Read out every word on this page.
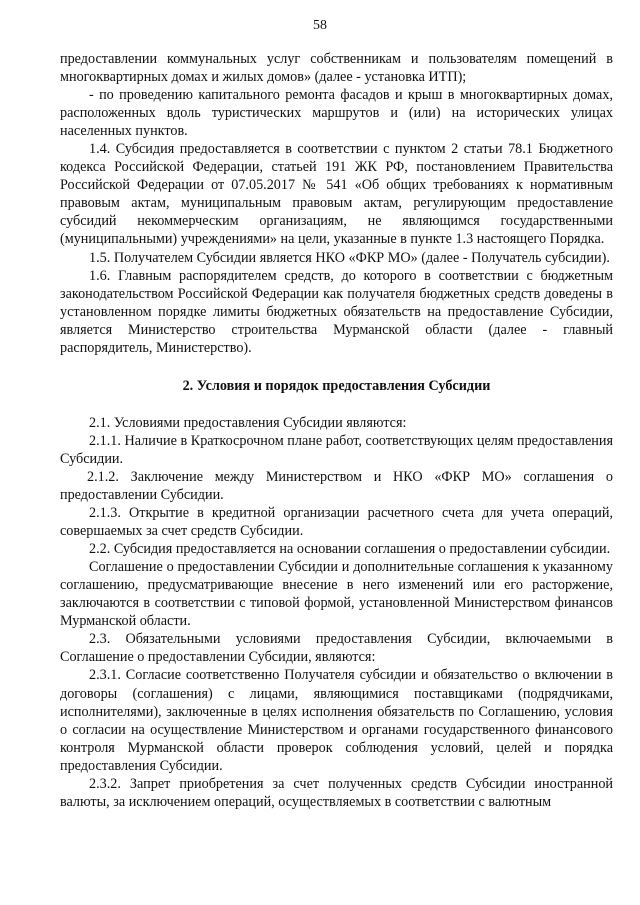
58

предоставлении коммунальных услуг собственникам и пользователям помещений в многоквартирных домах и жилых домов» (далее - установка ИТП);

- по проведению капитального ремонта фасадов и крыш в многоквартирных домах, расположенных вдоль туристических маршрутов и (или) на исторических улицах населенных пунктов.

1.4. Субсидия предоставляется в соответствии с пунктом 2 статьи 78.1 Бюджетного кодекса Российской Федерации, статьей 191 ЖК РФ, постановлением Правительства Российской Федерации от 07.05.2017 № 541 «Об общих требованиях к нормативным правовым актам, муниципальным правовым актам, регулирующим предоставление субсидий некоммерческим организациям, не являющимся государственными (муниципальными) учреждениями» на цели, указанные в пункте 1.3 настоящего Порядка.

1.5. Получателем Субсидии является НКО «ФКР МО» (далее - Получатель субсидии).

1.6. Главным распорядителем средств, до которого в соответствии с бюджетным законодательством Российской Федерации как получателя бюджетных средств доведены в установленном порядке лимиты бюджетных обязательств на предоставление Субсидии, является Министерство строительства Мурманской области (далее - главный распорядитель, Министерство).

2. Условия и порядок предоставления Субсидии

2.1. Условиями предоставления Субсидии являются:

2.1.1. Наличие в Краткосрочном плане работ, соответствующих целям предоставления Субсидии.

2.1.2. Заключение между Министерством и НКО «ФКР МО» соглашения о предоставлении Субсидии.

2.1.3. Открытие в кредитной организации расчетного счета для учета операций, совершаемых за счет средств Субсидии.

2.2. Субсидия предоставляется на основании соглашения о предоставлении субсидии.

Соглашение о предоставлении Субсидии и дополнительные соглашения к указанному соглашению, предусматривающие внесение в него изменений или его расторжение, заключаются в соответствии с типовой формой, установленной Министерством финансов Мурманской области.

2.3. Обязательными условиями предоставления Субсидии, включаемыми в Соглашение о предоставлении Субсидии, являются:

2.3.1. Согласие соответственно Получателя субсидии и обязательство о включении в договоры (соглашения) с лицами, являющимися поставщиками (подрядчиками, исполнителями), заключенные в целях исполнения обязательств по Соглашению, условия о согласии на осуществление Министерством и органами государственного финансового контроля Мурманской области проверок соблюдения условий, целей и порядка предоставления Субсидии.

2.3.2. Запрет приобретения за счет полученных средств Субсидии иностранной валюты, за исключением операций, осуществляемых в соответствии с валютным
